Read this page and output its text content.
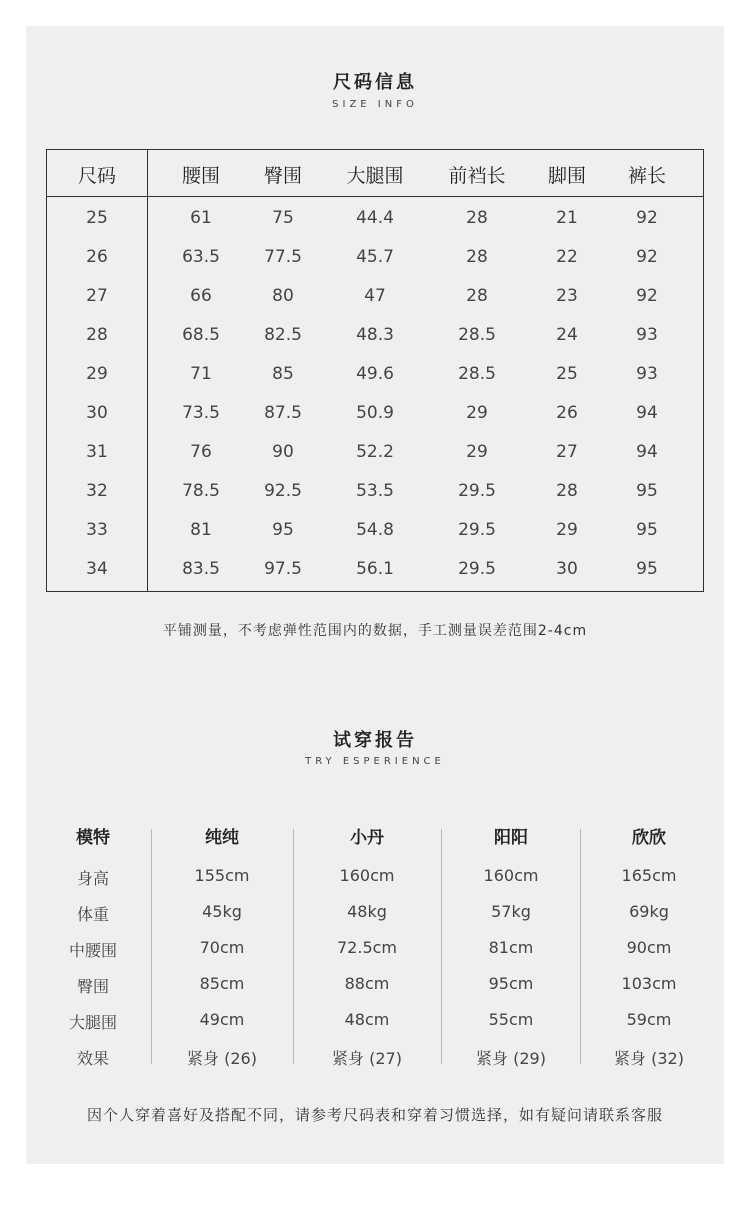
尺码信息
SIZE INFO
尺码	腰围 臀围 大腿围 前裆长 脚围 裤长
25	61	75	44.4	28	21	92
26	63.5	77.5	45.7	28	22	92
27	66	80	47	28	23	92
28	68.5	82.5	48.3	28.5	24	93
29	71	85	49.6	28.5	25	93
30	73.5	87.5	50.9	29	26	94
31	76	90	52.2	29	27	94
32	78.5	92.5	53.5	29.5	28	95
33	81	95	54.8	29.5	29	95
34	83.5	97.5	56.1	29.5	30	95
平铺测量，不考虑弹性范围内的数据，手工测量误差范围2-4cm
试穿报告
TRY ESPERIENCE
模特	纯纯	小丹	阳阳	欣欣
身高	155cm	160cm	160cm	165cm
体重	45kg	48kg	57kg	69kg
中腰围	70cm	72.5cm	81cm	90cm
臀围	85cm	88cm	95cm	103cm
大腿围	49cm	48cm	55cm	59cm
效果	紧身 (26)	紧身 (27)	紧身 (29)	紧身 (32)
因个人穿着喜好及搭配不同，请参考尺码表和穿着习惯选择，如有疑问请联系客服
